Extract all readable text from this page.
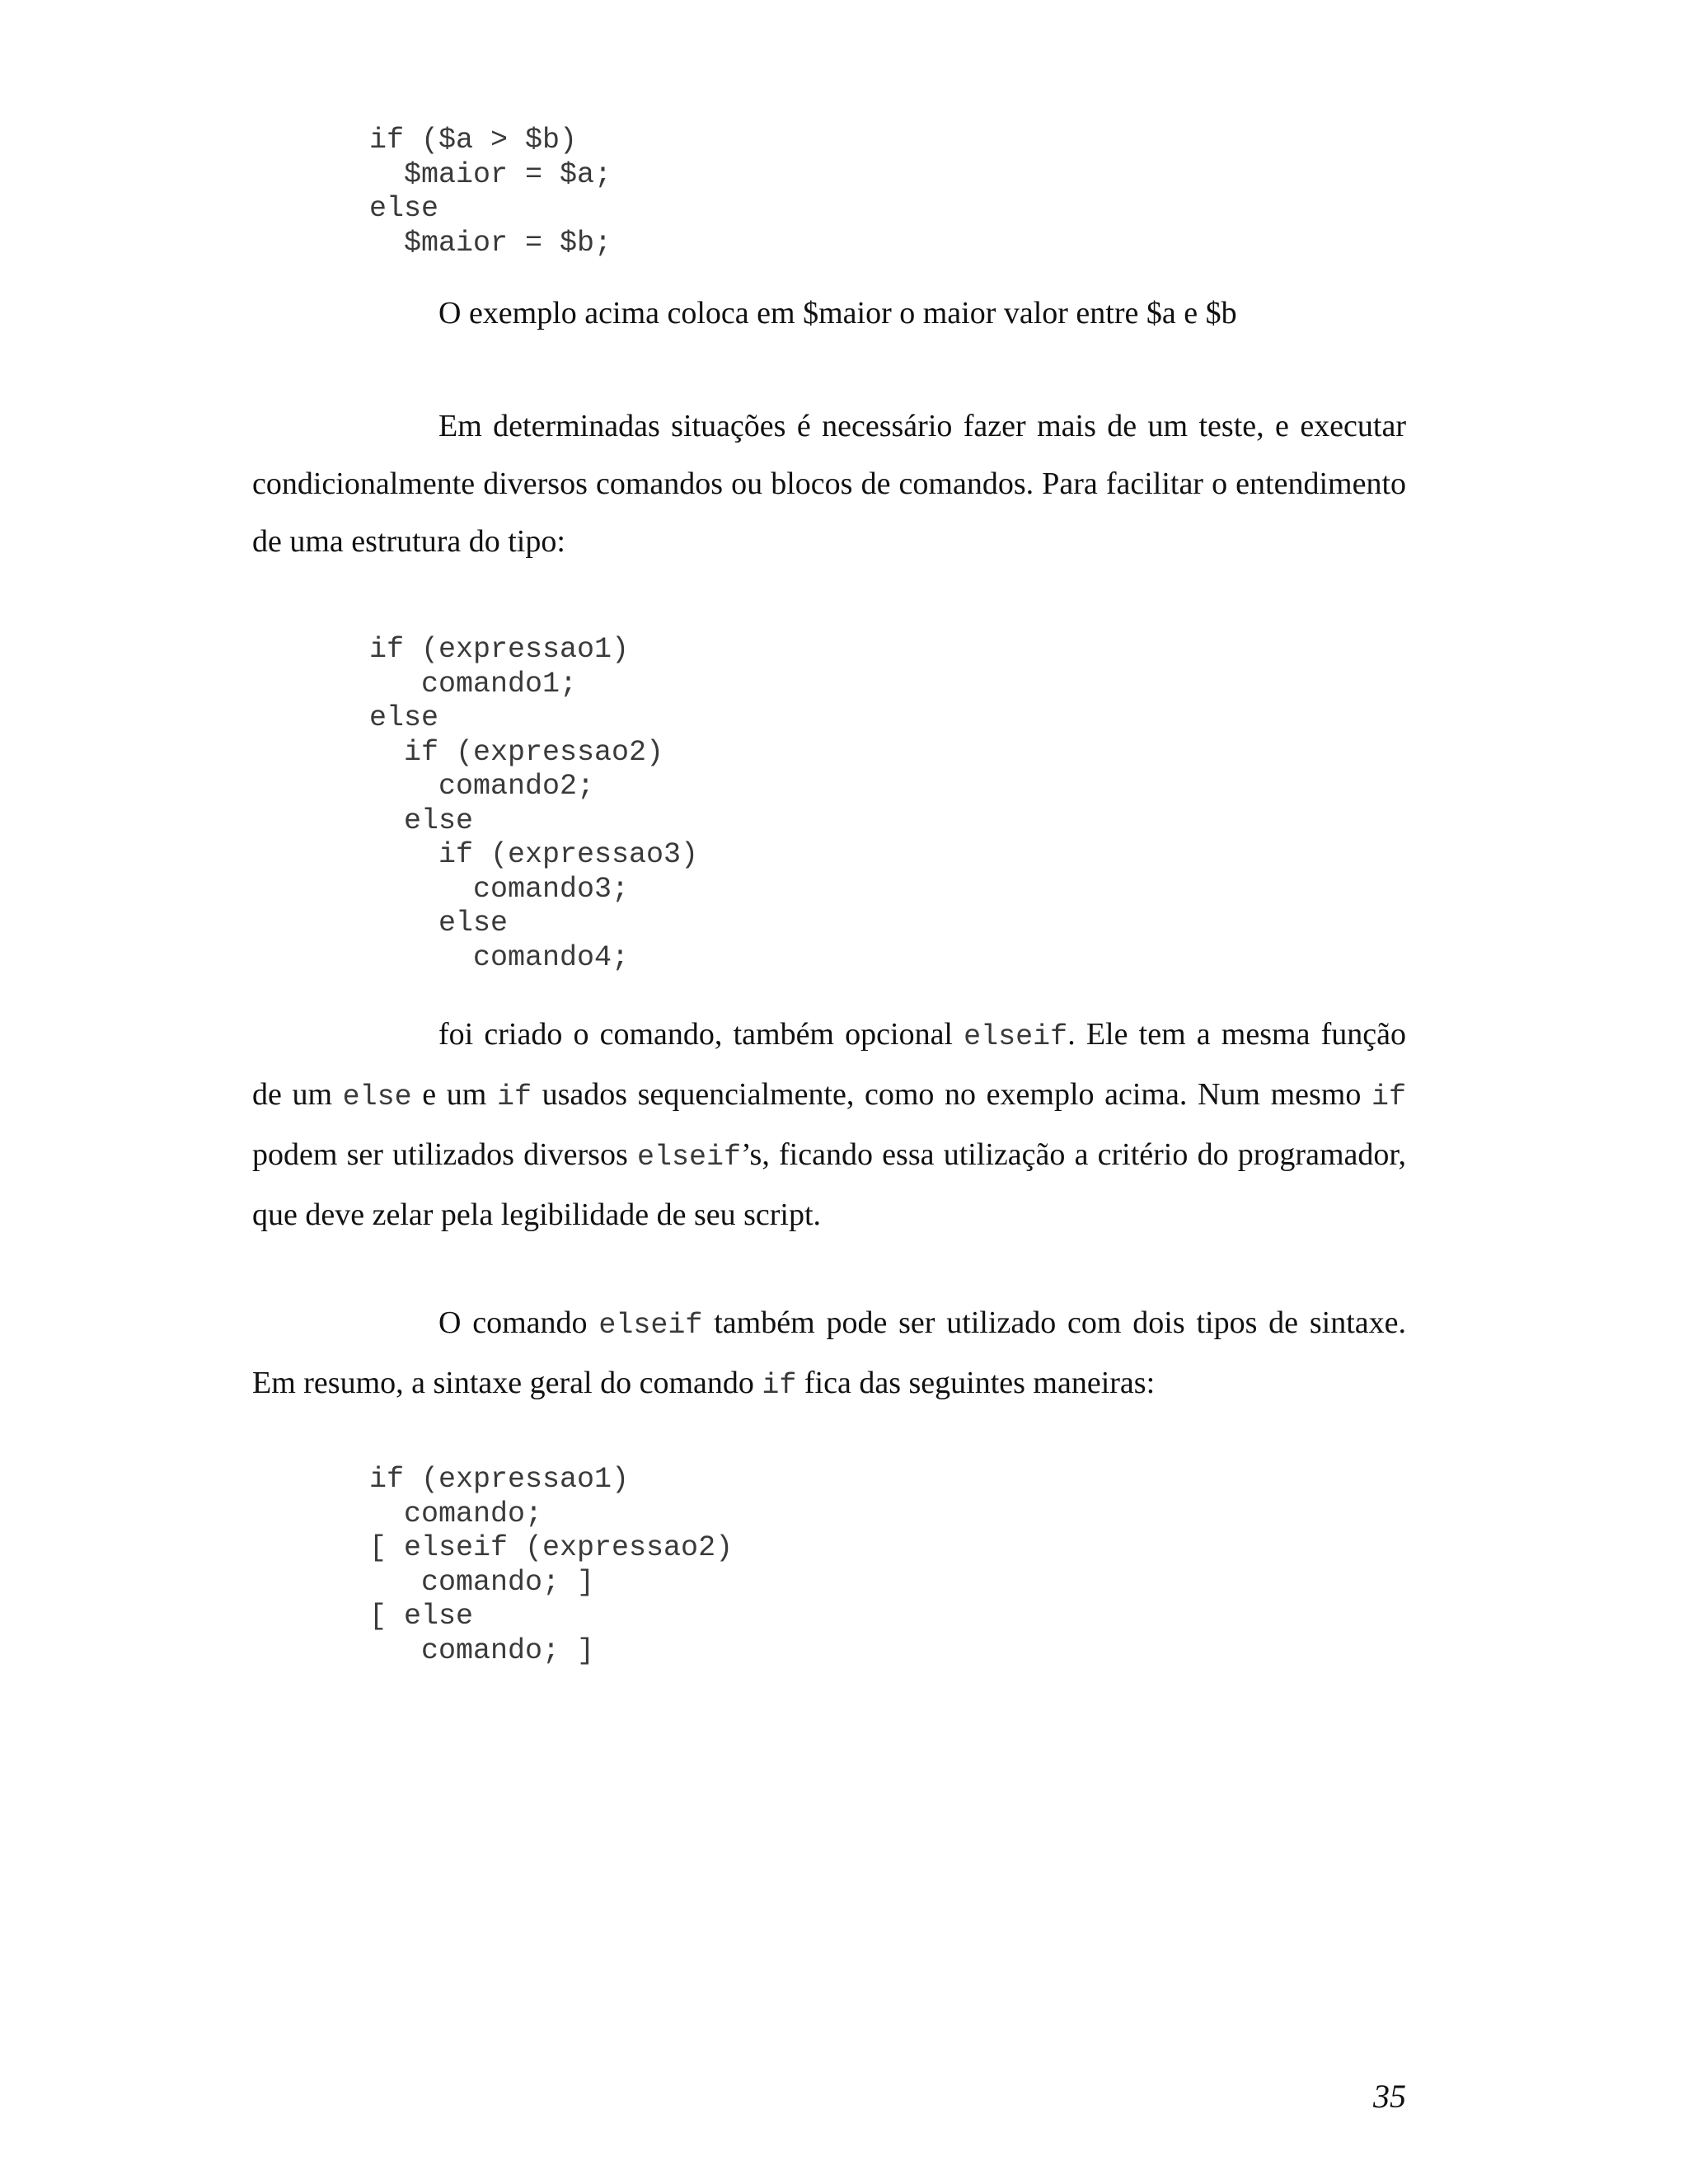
if ($a > $b)
$maior = $a;
else
$maior = $b;

O exemplo acima coloca em $maior o maior valor entre $a e $b

Em determinadas situações é necessário fazer mais de um teste, e executar condicionalmente diversos comandos ou blocos de comandos. Para facilitar o entendimento de uma estrutura do tipo:

if (expressao1)
comando1;
else
if (expressao2)
comando2;
else
if (expressao3)
comando3;
else
comando4;

foi criado o comando, também opcional elseif. Ele tem a mesma função de um else e um if usados sequencialmente, como no exemplo acima. Num mesmo if podem ser utilizados diversos elseif’s, ficando essa utilização a critério do programador, que deve zelar pela legibilidade de seu script.

O comando elseif também pode ser utilizado com dois tipos de sintaxe. Em resumo, a sintaxe geral do comando if fica das seguintes maneiras:

if (expressao1)
comando;
[ elseif (expressao2)
comando; ]
[ else
comando; ]
35
